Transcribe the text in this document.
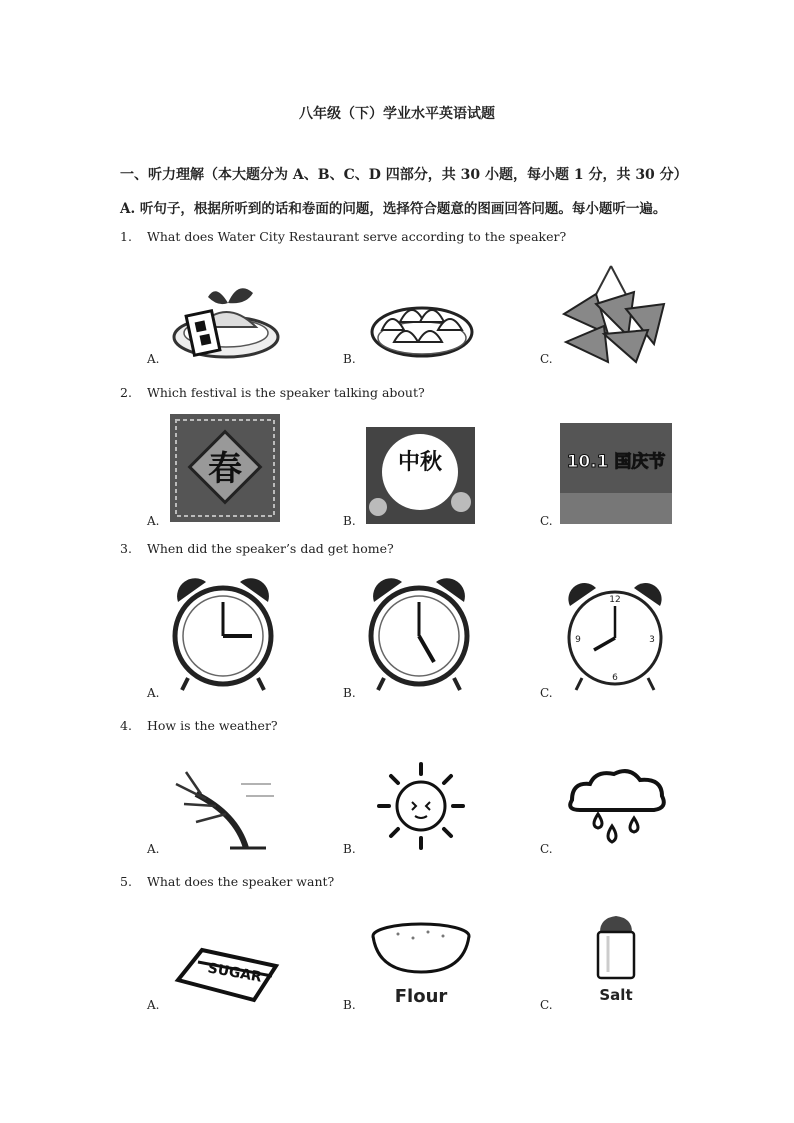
八年级（下）学业水平英语试题
一、听力理解（本大题分为 A、B、C、D 四部分，共 30 小题，每小题 1 分，共 30 分）
A. 听句子，根据所听到的话和卷面的问题，选择符合题意的图画回答问题。每小题听一遍。
1. What does Water City Restaurant serve according to the speaker?
A.	B.	C.
2. Which festival is the speaker talking about?
A.	B.	C.
春	中秋	10.1 国庆节
3. When did the speaker’s dad get home?
A.	B.	C.
12
3
6
9
4. How is the weather?
A.	B.	C.
5. What does the speaker want?
A.	B.	C.
SUGAR
Flour	Salt
